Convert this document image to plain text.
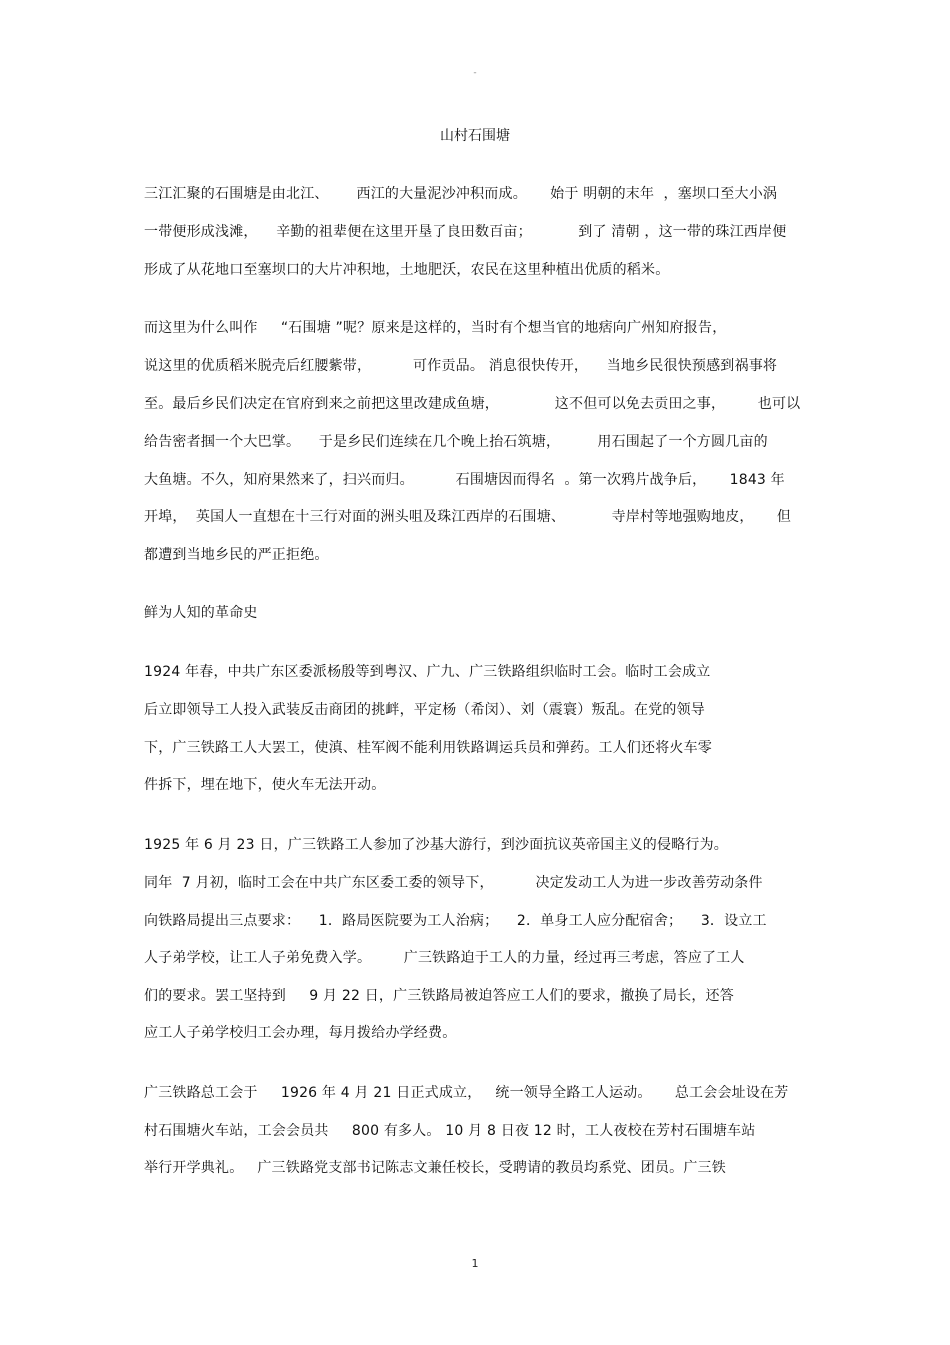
-
山村石围塘
三江汇聚的石围塘是由北江、      西江的大量泥沙冲积而成。     始于 明朝的末年  ，塞坝口至大小涡
一带便形成浅滩，    辛勤的祖辈便在这里开垦了良田数百亩；          到了 清朝 ，这一带的珠江西岸便
形成了从花地口至塞坝口的大片冲积地，土地肥沃，农民在这里种植出优质的稻米。
而这里为什么叫作     “石围塘 ”呢？原来是这样的，当时有个想当官的地痞向广州知府报告，
说这里的优质稻米脱壳后红腰紫带，         可作贡品。 消息很快传开，    当地乡民很快预感到祸事将
至。最后乡民们决定在官府到来之前把这里改建成鱼塘，            这不但可以免去贡田之事，       也可以
给告密者掴一个大巴掌。    于是乡民们连续在几个晚上抬石筑塘，        用石围起了一个方圆几亩的
大鱼塘。不久，知府果然来了，扫兴而归。         石围塘因而得名  。第一次鸦片战争后，     1843 年
开埠，  英国人一直想在十三行对面的洲头咀及珠江西岸的石围塘、          寺岸村等地强购地皮，     但
都遭到当地乡民的严正拒绝。
鲜为人知的革命史
1924 年春，中共广东区委派杨殷等到粤汉、广九、广三铁路组织临时工会。临时工会成立
后立即领导工人投入武装反击商团的挑衅，平定杨（希闵）、刘（震寰）叛乱。在党的领导
下，广三铁路工人大罢工，使滇、桂军阀不能利用铁路调运兵员和弹药。工人们还将火车零
件拆下，埋在地下，使火车无法开动。
1925 年 6 月 23 日，广三铁路工人参加了沙基大游行，到沙面抗议英帝国主义的侵略行为。
同年  7 月初，临时工会在中共广东区委工委的领导下，         决定发动工人为进一步改善劳动条件
向铁路局提出三点要求：    1．路局医院要为工人治病；    2．单身工人应分配宿舍；    3．设立工
人子弟学校，让工人子弟免费入学。       广三铁路迫于工人的力量，经过再三考虑，答应了工人
们的要求。罢工坚持到     9 月 22 日，广三铁路局被迫答应工人们的要求，撤换了局长，还答
应工人子弟学校归工会办理，每月拨给办学经费。
广三铁路总工会于     1926 年 4 月 21 日正式成立，   统一领导全路工人运动。     总工会会址设在芳
村石围塘火车站，工会会员共     800 有多人。 10 月 8 日夜 12 时，工人夜校在芳村石围塘车站
举行开学典礼。   广三铁路党支部书记陈志文兼任校长，受聘请的教员均系党、团员。广三铁
1
